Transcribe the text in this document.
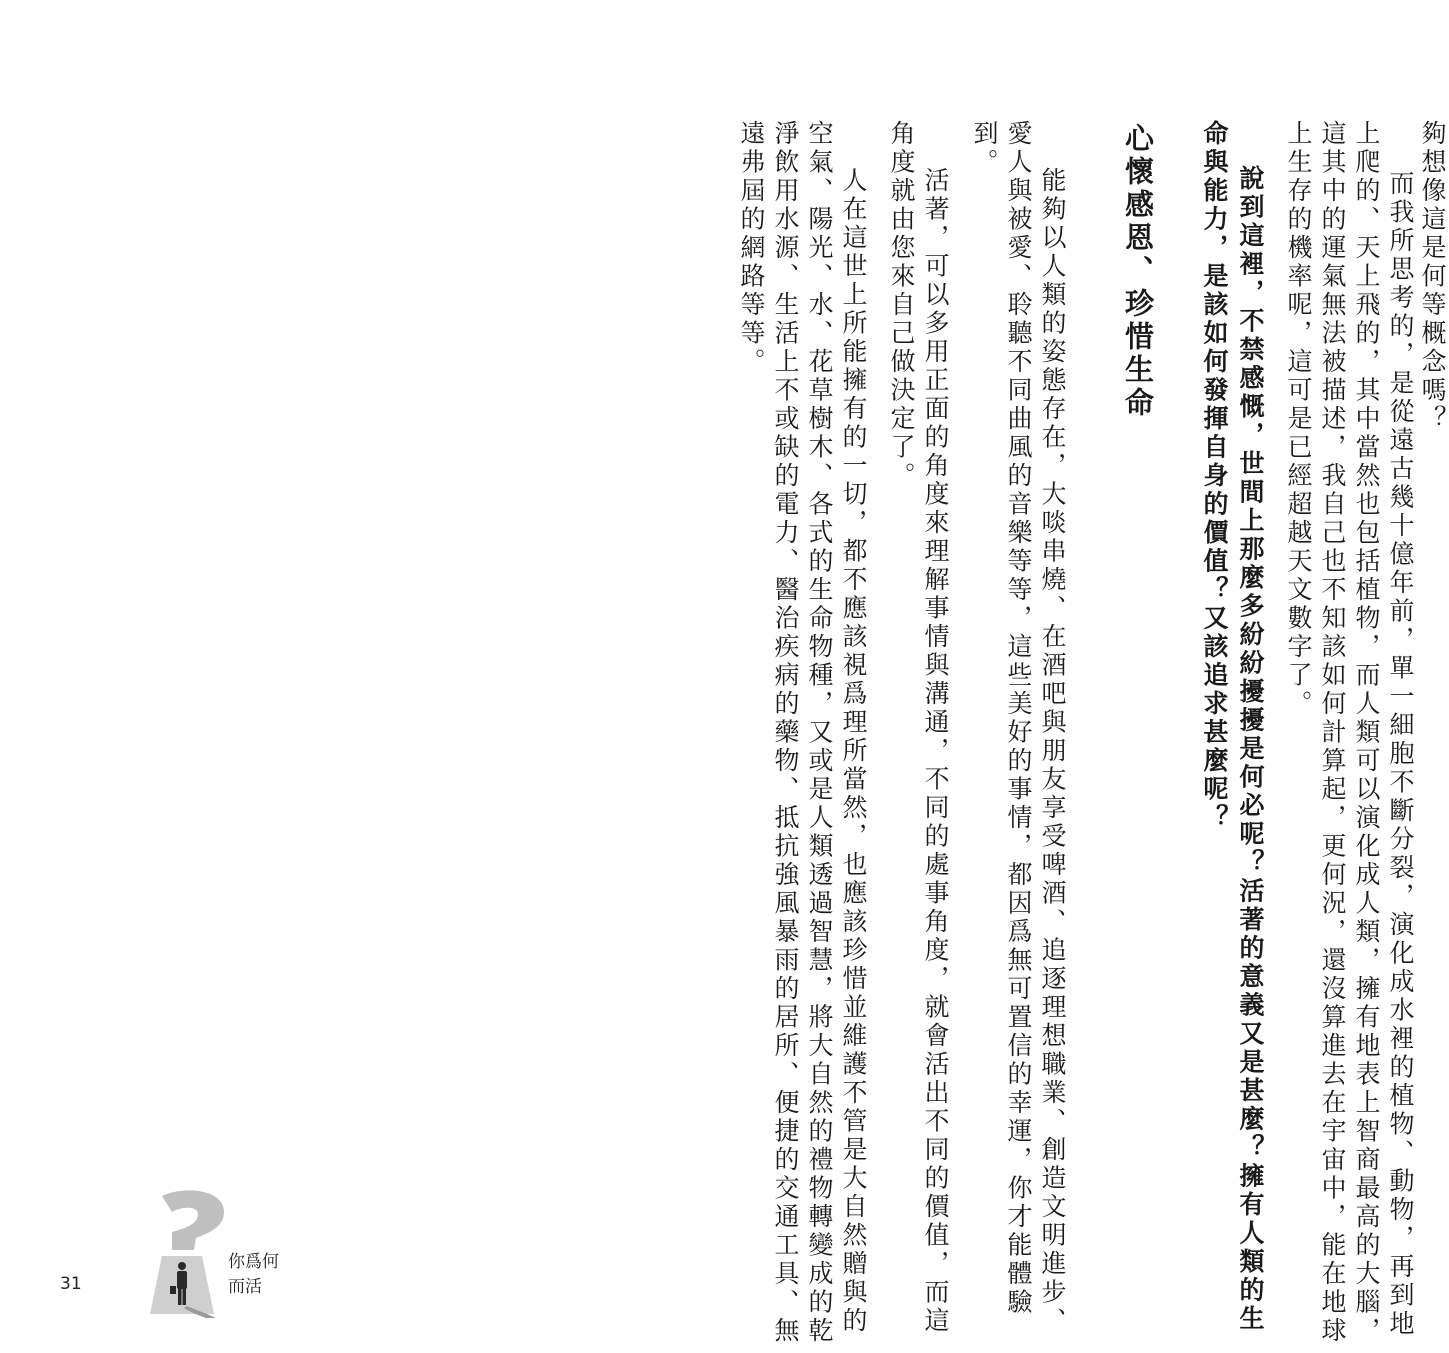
夠想像這是何等概念嗎？
而我所思考的，是從遠古幾十億年前，單一細胞不斷分裂，演化成水裡的植物、動物，再到地
上爬的、天上飛的，其中當然也包括植物，而人類可以演化成人類，擁有地表上智商最高的大腦，
這其中的運氣無法被描述，我自己也不知該如何計算起，更何況，還沒算進去在宇宙中，能在地球
上生存的機率呢，這可是已經超越天文數字了。
說到這裡，不禁感慨，世間上那麼多紛紛擾擾是何必呢？活著的意義又是甚麼？擁有人類的生
命與能力，是該如何發揮自身的價值？又該追求甚麼呢？
心懷感恩、珍惜生命
能夠以人類的姿態存在，大啖串燒、在酒吧與朋友享受啤酒、追逐理想職業、創造文明進步、
愛人與被愛、聆聽不同曲風的音樂等等，這些美好的事情，都因爲無可置信的幸運，你才能體驗
到。
活著，可以多用正面的角度來理解事情與溝通，不同的處事角度，就會活出不同的價值，而這
角度就由您來自己做決定了。
人在這世上所能擁有的一切，都不應該視爲理所當然，也應該珍惜並維護不管是大自然贈與的
空氣、陽光、水、花草樹木、各式的生命物種，又或是人類透過智慧，將大自然的禮物轉變成的乾
淨飲用水源、生活上不或缺的電力、醫治疾病的藥物、抵抗強風暴雨的居所、便捷的交通工具、無
遠弗屆的網路等等。
31
你爲何
而活
